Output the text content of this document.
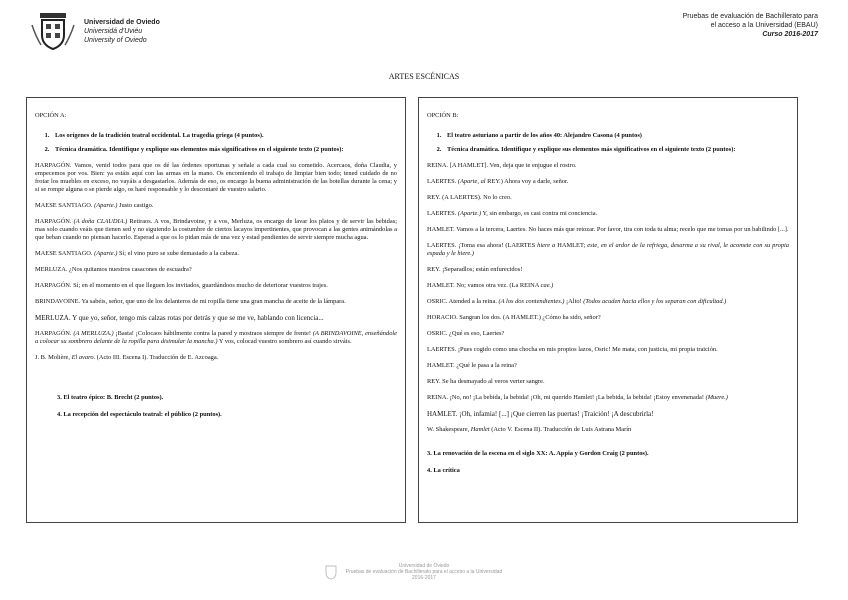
Universidad de Oviedo
Universidá d'Uviéu
University of Oviedo
Pruebas de evaluación de Bachillerato para
el acceso a la Universidad (EBAU)
Curso 2016-2017
ARTES ESCÉNICAS
OPCIÓN A:
1. Los orígenes de la tradición teatral occidental. La tragedia griega (4 puntos).
2. Técnica dramática. Identifique y explique sus elementos más significativos en el siguiente texto (2 puntos):

HARPAGÓN. Vamos, venid todos para que os dé las órdenes oportunas y señale a cada cual su cometido. Acercaos, doña Claudia, y empecemos por vos. Bien: ya estáis aquí con las armas en la mano. Os encomiendo el trabajo de limpiar bien todo; tened cuidado de no frotar los muebles en exceso, no vayáis a desgastarlos. Además de eso, os encargo la buena administración de las botellas durante la cena; y si se rompe alguna o se pierde algo, os haré responsable y lo descontaré de vuestro salario.

MAESE SANTIAGO. (Aparte.) Justo castigo.

HARPAGÓN. (A doña CLAUDIA.) Retiraos. A vos, Brindavoine, y a vos, Merluza, os encargo de lavar los platos y de servir las bebidas; mas solo cuando veáis que tienen sed y no siguiendo la costumbre de ciertos lacayos impertinentes, que provocan a las gentes animándolas a que beban cuando no piensan hacerlo. Esperad a que os lo pidan más de una vez y estad pendientes de servir siempre mucha agua.

MAESE SANTIAGO. (Aparte.) Sí; el vino puro se sube demasiado a la cabeza.

MERLUZA. ¿Nos quitamos nuestros casacones de escuadra?

HARPAGÓN. Sí; en el momento en el que lleguen los invitados, guardándoos mucho de deteriorar vuestros trajes.

BRINDAVOINE. Ya sabéis, señor, que uno de los delanteros de mi ropilla tiene una gran mancha de aceite de la lámpara.

MERLUZA. Y que yo, señor, tengo mis calzas rotas por detrás y que se me ve, hablando con licencia...

HARPAGÓN. (A MERLUZA.) ¡Basta! ¡Colocaos hábilmente contra la pared y mostraos siempre de frente! (A BRINDAVOINE, enseñándole a colocar su sombrero delante de la ropilla para disimular la mancha.) Y vos, colocad vuestro sombrero así cuando sirváis.

J. B. Molière, El avaro. (Acto III. Escena I). Traducción de E. Azcoaga.

3. El teatro épico: B. Brecht (2 puntos).
4. La recepción del espectáculo teatral: el público (2 puntos).
OPCIÓN B:
1. El teatro asturiano a partir de los años 40: Alejandro Casona (4 puntos)
2. Técnica dramática. Identifique y explique sus elementos más significativos en el siguiente texto (2 puntos):

REINA. [A HAMLET]. Ven, deja que te enjugue el rostro.

LAERTES. (Aparte, al REY.) Ahora voy a darle, señor.

REY. (A LAERTES). No lo creo.

LAERTES. (Aparte.) Y, sin embargo, es casi contra mi conciencia.

HAMLET. Vamos a la tercera, Laertes. No haces más que retozar. Por favor, tira con toda tu alma; recelo que me tomas por un babilindo [...].

LAERTES. ¡Toma esa ahora! (LAERTES hiere a HAMLET; este, en el ardor de la refriega, desarma a su rival, le acomete con su propia espada y le hiere.)

REY. ¡Separadlos; están enfurecidos!

HAMLET. No; vamos otra vez. (La REINA cae.)

OSRIC. Atended a la reina. (A los dos contendientes.) ¡Alto! (Todos acuden hacia ellos y los separan con dificultad.)

HORACIO. Sangran los dos. (A HAMLET.) ¿Cómo ha sido, señor?

OSRIC. ¿Qué es eso, Laertes?

LAERTES. ¡Pues cogido como una chocha en mis propios lazos, Osric! Me mata, con justicia, mi propia traición.

HAMLET. ¿Qué le pasa a la reina?

REY. Se ha desmayado al veros verter sangre.

REINA. ¡No, no! ¡La bebida, la bebida! ¡Oh, mi querido Hamlet! ¡La bebida, la bebida! ¡Estoy envenenada! (Muere.)

HAMLET. ¡Oh, infamia! [...] ¡Que cierren las puertas! ¡Traición! ¡A descubrirla!

W. Shakespeare, Hamlet (Acto V. Escena II). Traducción de Luis Astrana Marín

3. La renovación de la escena en el siglo XX: A. Appia y Gordon Craig (2 puntos).
4. La crítica
Universidad de Oviedo
Pruebas de evaluación de Bachillerato para el acceso a la Universidad
2016-2017
